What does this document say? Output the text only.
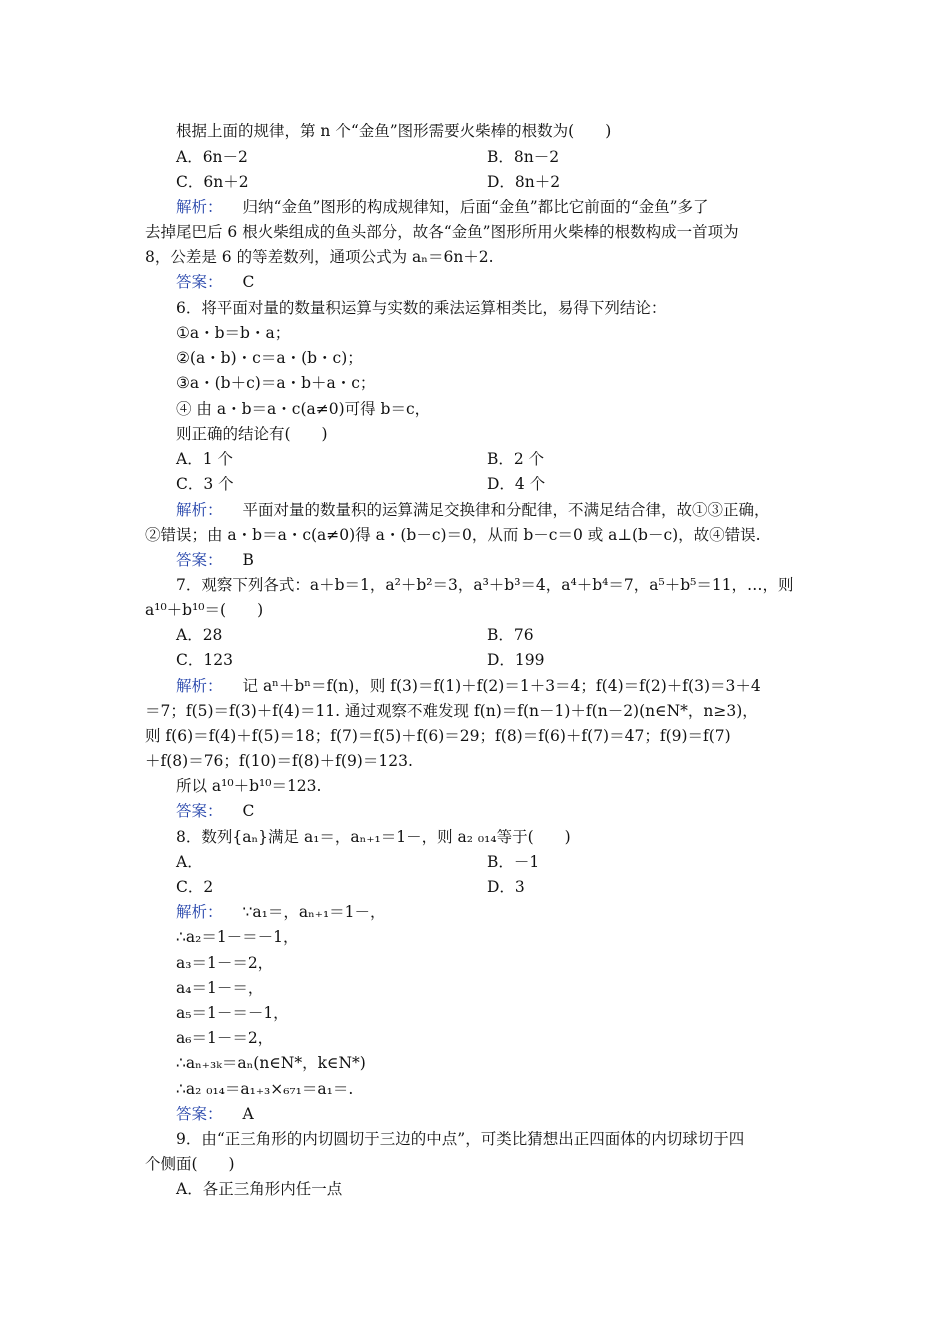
根据上面的规律，第 n 个“金鱼”图形需要火柴棒的根数为(　　)
A．6n－2	B．8n－2
C．6n＋2	D．8n＋2
解析： 归纳“金鱼”图形的构成规律知，后面“金鱼”都比它前面的“金鱼”多了
去掉尾巴后 6 根火柴组成的鱼头部分，故各“金鱼”图形所用火柴棒的根数构成一首项为
8，公差是 6 的等差数列，通项公式为 aₙ＝6n＋2.
答案： C
6．将平面对量的数量积运算与实数的乘法运算相类比，易得下列结论：
①a・b＝b・a；
②(a・b)・c＝a・(b・c)；
③a・(b＋c)＝a・b＋a・c；
④ 由 a・b＝a・c(a≠0)可得 b＝c，
则正确的结论有(　　)
A．1 个	B．2 个
C．3 个	D．4 个
解析： 平面对量的数量积的运算满足交换律和分配律，不满足结合律，故①③正确，
②错误；由 a・b＝a・c(a≠0)得 a・(b－c)＝0，从而 b－c＝0 或 a⊥(b－c)，故④错误.
答案： B
7．观察下列各式：a＋b＝1，a²＋b²＝3，a³＋b³＝4，a⁴＋b⁴＝7，a⁵＋b⁵＝11，…，则
a¹⁰＋b¹⁰＝(　　)
A．28	B．76
C．123	D．199
解析： 记 aⁿ＋bⁿ＝f(n)，则 f(3)＝f(1)＋f(2)＝1＋3＝4；f(4)＝f(2)＋f(3)＝3＋4
＝7；f(5)＝f(3)＋f(4)＝11. 通过观察不难发现 f(n)＝f(n－1)＋f(n－2)(n∈N*，n≥3)，
则 f(6)＝f(4)＋f(5)＝18；f(7)＝f(5)＋f(6)＝29；f(8)＝f(6)＋f(7)＝47；f(9)＝f(7)
＋f(8)＝76；f(10)＝f(8)＋f(9)＝123.
所以 a¹⁰＋b¹⁰＝123.
答案： C
8．数列{aₙ}满足 a₁＝，aₙ₊₁＝1－，则 a₂ ₀₁₄等于(　　)
A．	B．－1
C．2	D．3
解析： ∵a₁＝，aₙ₊₁＝1－，
∴a₂＝1－＝－1，
a₃＝1－＝2，
a₄＝1－＝，
a₅＝1－＝－1，
a₆＝1－＝2，
∴aₙ₊₃ₖ＝aₙ(n∈N*，k∈N*)
∴a₂ ₀₁₄＝a₁₊₃×₆₇₁＝a₁＝.
答案： A
9．由“正三角形的内切圆切于三边的中点”，可类比猜想出正四面体的内切球切于四
个侧面(　　)
A．各正三角形内任一点
